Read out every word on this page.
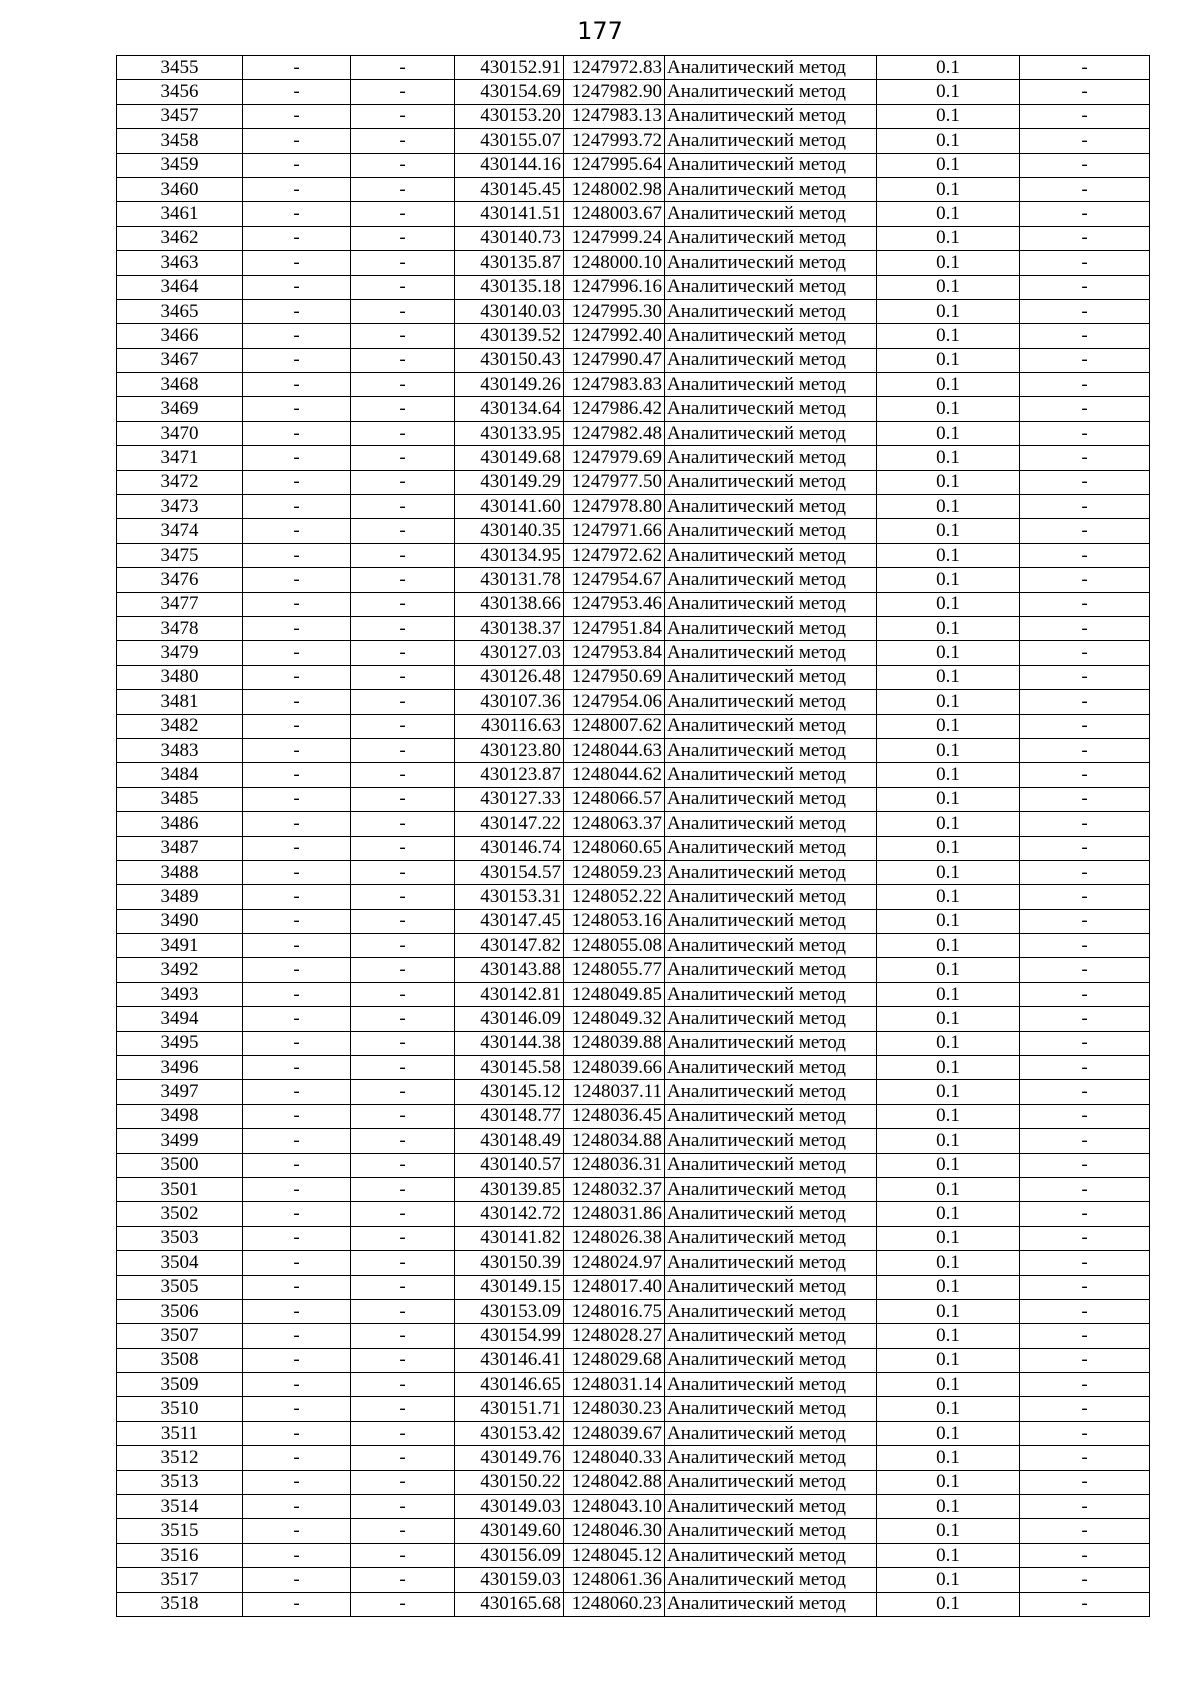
177
3455	-	-	430152.91	1247972.83	Аналитический метод	0.1	-
3456	-	-	430154.69	1247982.90	Аналитический метод	0.1	-
3457	-	-	430153.20	1247983.13	Аналитический метод	0.1	-
3458	-	-	430155.07	1247993.72	Аналитический метод	0.1	-
3459	-	-	430144.16	1247995.64	Аналитический метод	0.1	-
3460	-	-	430145.45	1248002.98	Аналитический метод	0.1	-
3461	-	-	430141.51	1248003.67	Аналитический метод	0.1	-
3462	-	-	430140.73	1247999.24	Аналитический метод	0.1	-
3463	-	-	430135.87	1248000.10	Аналитический метод	0.1	-
3464	-	-	430135.18	1247996.16	Аналитический метод	0.1	-
3465	-	-	430140.03	1247995.30	Аналитический метод	0.1	-
3466	-	-	430139.52	1247992.40	Аналитический метод	0.1	-
3467	-	-	430150.43	1247990.47	Аналитический метод	0.1	-
3468	-	-	430149.26	1247983.83	Аналитический метод	0.1	-
3469	-	-	430134.64	1247986.42	Аналитический метод	0.1	-
3470	-	-	430133.95	1247982.48	Аналитический метод	0.1	-
3471	-	-	430149.68	1247979.69	Аналитический метод	0.1	-
3472	-	-	430149.29	1247977.50	Аналитический метод	0.1	-
3473	-	-	430141.60	1247978.80	Аналитический метод	0.1	-
3474	-	-	430140.35	1247971.66	Аналитический метод	0.1	-
3475	-	-	430134.95	1247972.62	Аналитический метод	0.1	-
3476	-	-	430131.78	1247954.67	Аналитический метод	0.1	-
3477	-	-	430138.66	1247953.46	Аналитический метод	0.1	-
3478	-	-	430138.37	1247951.84	Аналитический метод	0.1	-
3479	-	-	430127.03	1247953.84	Аналитический метод	0.1	-
3480	-	-	430126.48	1247950.69	Аналитический метод	0.1	-
3481	-	-	430107.36	1247954.06	Аналитический метод	0.1	-
3482	-	-	430116.63	1248007.62	Аналитический метод	0.1	-
3483	-	-	430123.80	1248044.63	Аналитический метод	0.1	-
3484	-	-	430123.87	1248044.62	Аналитический метод	0.1	-
3485	-	-	430127.33	1248066.57	Аналитический метод	0.1	-
3486	-	-	430147.22	1248063.37	Аналитический метод	0.1	-
3487	-	-	430146.74	1248060.65	Аналитический метод	0.1	-
3488	-	-	430154.57	1248059.23	Аналитический метод	0.1	-
3489	-	-	430153.31	1248052.22	Аналитический метод	0.1	-
3490	-	-	430147.45	1248053.16	Аналитический метод	0.1	-
3491	-	-	430147.82	1248055.08	Аналитический метод	0.1	-
3492	-	-	430143.88	1248055.77	Аналитический метод	0.1	-
3493	-	-	430142.81	1248049.85	Аналитический метод	0.1	-
3494	-	-	430146.09	1248049.32	Аналитический метод	0.1	-
3495	-	-	430144.38	1248039.88	Аналитический метод	0.1	-
3496	-	-	430145.58	1248039.66	Аналитический метод	0.1	-
3497	-	-	430145.12	1248037.11	Аналитический метод	0.1	-
3498	-	-	430148.77	1248036.45	Аналитический метод	0.1	-
3499	-	-	430148.49	1248034.88	Аналитический метод	0.1	-
3500	-	-	430140.57	1248036.31	Аналитический метод	0.1	-
3501	-	-	430139.85	1248032.37	Аналитический метод	0.1	-
3502	-	-	430142.72	1248031.86	Аналитический метод	0.1	-
3503	-	-	430141.82	1248026.38	Аналитический метод	0.1	-
3504	-	-	430150.39	1248024.97	Аналитический метод	0.1	-
3505	-	-	430149.15	1248017.40	Аналитический метод	0.1	-
3506	-	-	430153.09	1248016.75	Аналитический метод	0.1	-
3507	-	-	430154.99	1248028.27	Аналитический метод	0.1	-
3508	-	-	430146.41	1248029.68	Аналитический метод	0.1	-
3509	-	-	430146.65	1248031.14	Аналитический метод	0.1	-
3510	-	-	430151.71	1248030.23	Аналитический метод	0.1	-
3511	-	-	430153.42	1248039.67	Аналитический метод	0.1	-
3512	-	-	430149.76	1248040.33	Аналитический метод	0.1	-
3513	-	-	430150.22	1248042.88	Аналитический метод	0.1	-
3514	-	-	430149.03	1248043.10	Аналитический метод	0.1	-
3515	-	-	430149.60	1248046.30	Аналитический метод	0.1	-
3516	-	-	430156.09	1248045.12	Аналитический метод	0.1	-
3517	-	-	430159.03	1248061.36	Аналитический метод	0.1	-
3518	-	-	430165.68	1248060.23	Аналитический метод	0.1	-
